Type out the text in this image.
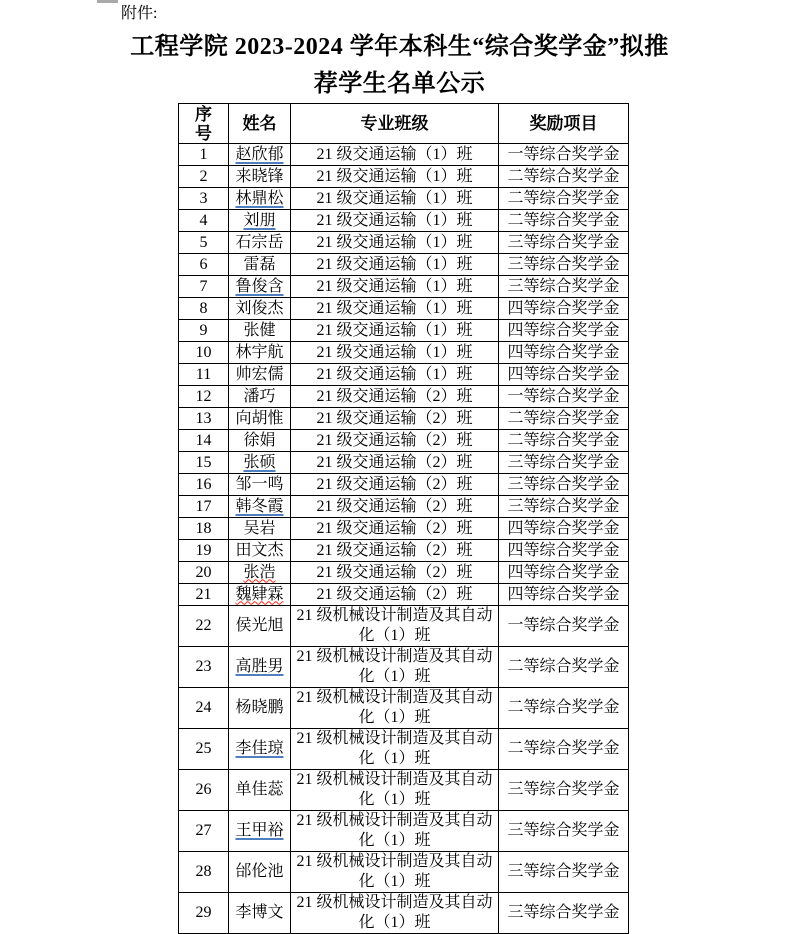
附件:
工程学院 2023-2024 学年本科生“综合奖学金”拟推
荐学生名单公示
序号	姓名	专业班级	奖励项目
1	赵欣郁	21 级交通运输（1）班	一等综合奖学金
2	来晓锋	21 级交通运输（1）班	二等综合奖学金
3	林鼎松	21 级交通运输（1）班	二等综合奖学金
4	刘朋	21 级交通运输（1）班	二等综合奖学金
5	石宗岳	21 级交通运输（1）班	三等综合奖学金
6	雷磊	21 级交通运输（1）班	三等综合奖学金
7	鲁俊含	21 级交通运输（1）班	三等综合奖学金
8	刘俊杰	21 级交通运输（1）班	四等综合奖学金
9	张健	21 级交通运输（1）班	四等综合奖学金
10	林宇航	21 级交通运输（1）班	四等综合奖学金
11	帅宏儒	21 级交通运输（1）班	四等综合奖学金
12	潘巧	21 级交通运输（2）班	一等综合奖学金
13	向胡惟	21 级交通运输（2）班	二等综合奖学金
14	徐娟	21 级交通运输（2）班	二等综合奖学金
15	张硕	21 级交通运输（2）班	三等综合奖学金
16	邹一鸣	21 级交通运输（2）班	三等综合奖学金
17	韩冬霞	21 级交通运输（2）班	三等综合奖学金
18	吴岩	21 级交通运输（2）班	四等综合奖学金
19	田文杰	21 级交通运输（2）班	四等综合奖学金
20	张浩	21 级交通运输（2）班	四等综合奖学金
21	魏肄霖	21 级交通运输（2）班	四等综合奖学金
22	侯光旭	21 级机械设计制造及其自动化（1）班	一等综合奖学金
23	高胜男	21 级机械设计制造及其自动化（1）班	二等综合奖学金
24	杨晓鹏	21 级机械设计制造及其自动化（1）班	二等综合奖学金
25	李佳琼	21 级机械设计制造及其自动化（1）班	二等综合奖学金
26	单佳蕊	21 级机械设计制造及其自动化（1）班	三等综合奖学金
27	王甲裕	21 级机械设计制造及其自动化（1）班	三等综合奖学金
28	邰伦池	21 级机械设计制造及其自动化（1）班	三等综合奖学金
29	李博文	21 级机械设计制造及其自动化（1）班	三等综合奖学金
